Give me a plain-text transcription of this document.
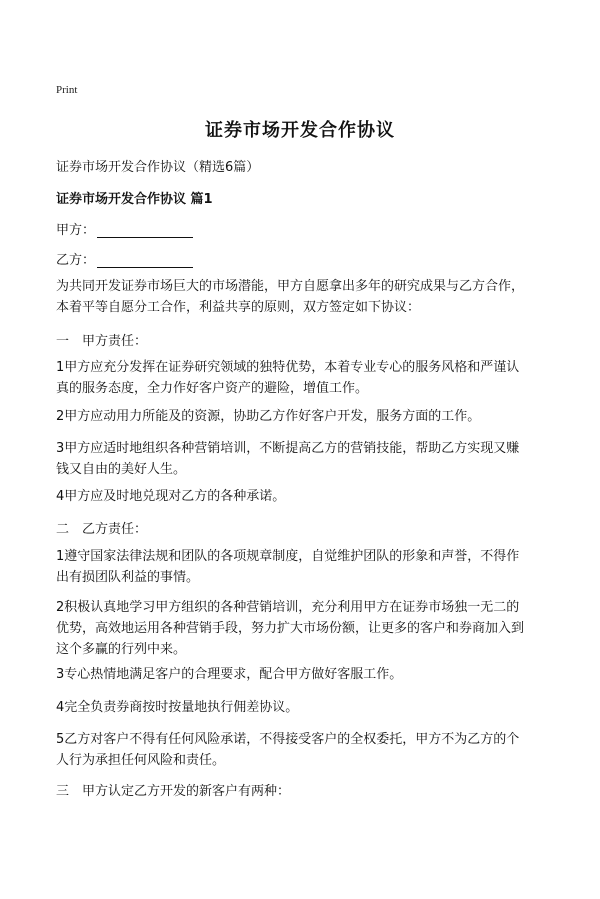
Print
证券市场开发合作协议
证券市场开发合作协议（精选6篇）
证券市场开发合作协议 篇1
甲方：
乙方：
为共同开发证券市场巨大的市场潜能，甲方自愿拿出多年的研究成果与乙方合作，
本着平等自愿分工合作，利益共享的原则，双方签定如下协议：
一　甲方责任：
1甲方应充分发挥在证券研究领域的独特优势，本着专业专心的服务风格和严谨认
真的服务态度，全力作好客户资产的避险，增值工作。
2甲方应动用力所能及的资源，协助乙方作好客户开发，服务方面的工作。
3甲方应适时地组织各种营销培训，不断提高乙方的营销技能，帮助乙方实现又赚
钱又自由的美好人生。
4甲方应及时地兑现对乙方的各种承诺。
二　乙方责任：
1遵守国家法律法规和团队的各项规章制度，自觉维护团队的形象和声誉，不得作
出有损团队利益的事情。
2积极认真地学习甲方组织的各种营销培训，充分利用甲方在证券市场独一无二的
优势，高效地运用各种营销手段，努力扩大市场份额，让更多的客户和券商加入到
这个多赢的行列中来。
3专心热情地满足客户的合理要求，配合甲方做好客服工作。
4完全负责券商按时按量地执行佣差协议。
5乙方对客户不得有任何风险承诺，不得接受客户的全权委托，甲方不为乙方的个
人行为承担任何风险和责任。
三　甲方认定乙方开发的新客户有两种：
